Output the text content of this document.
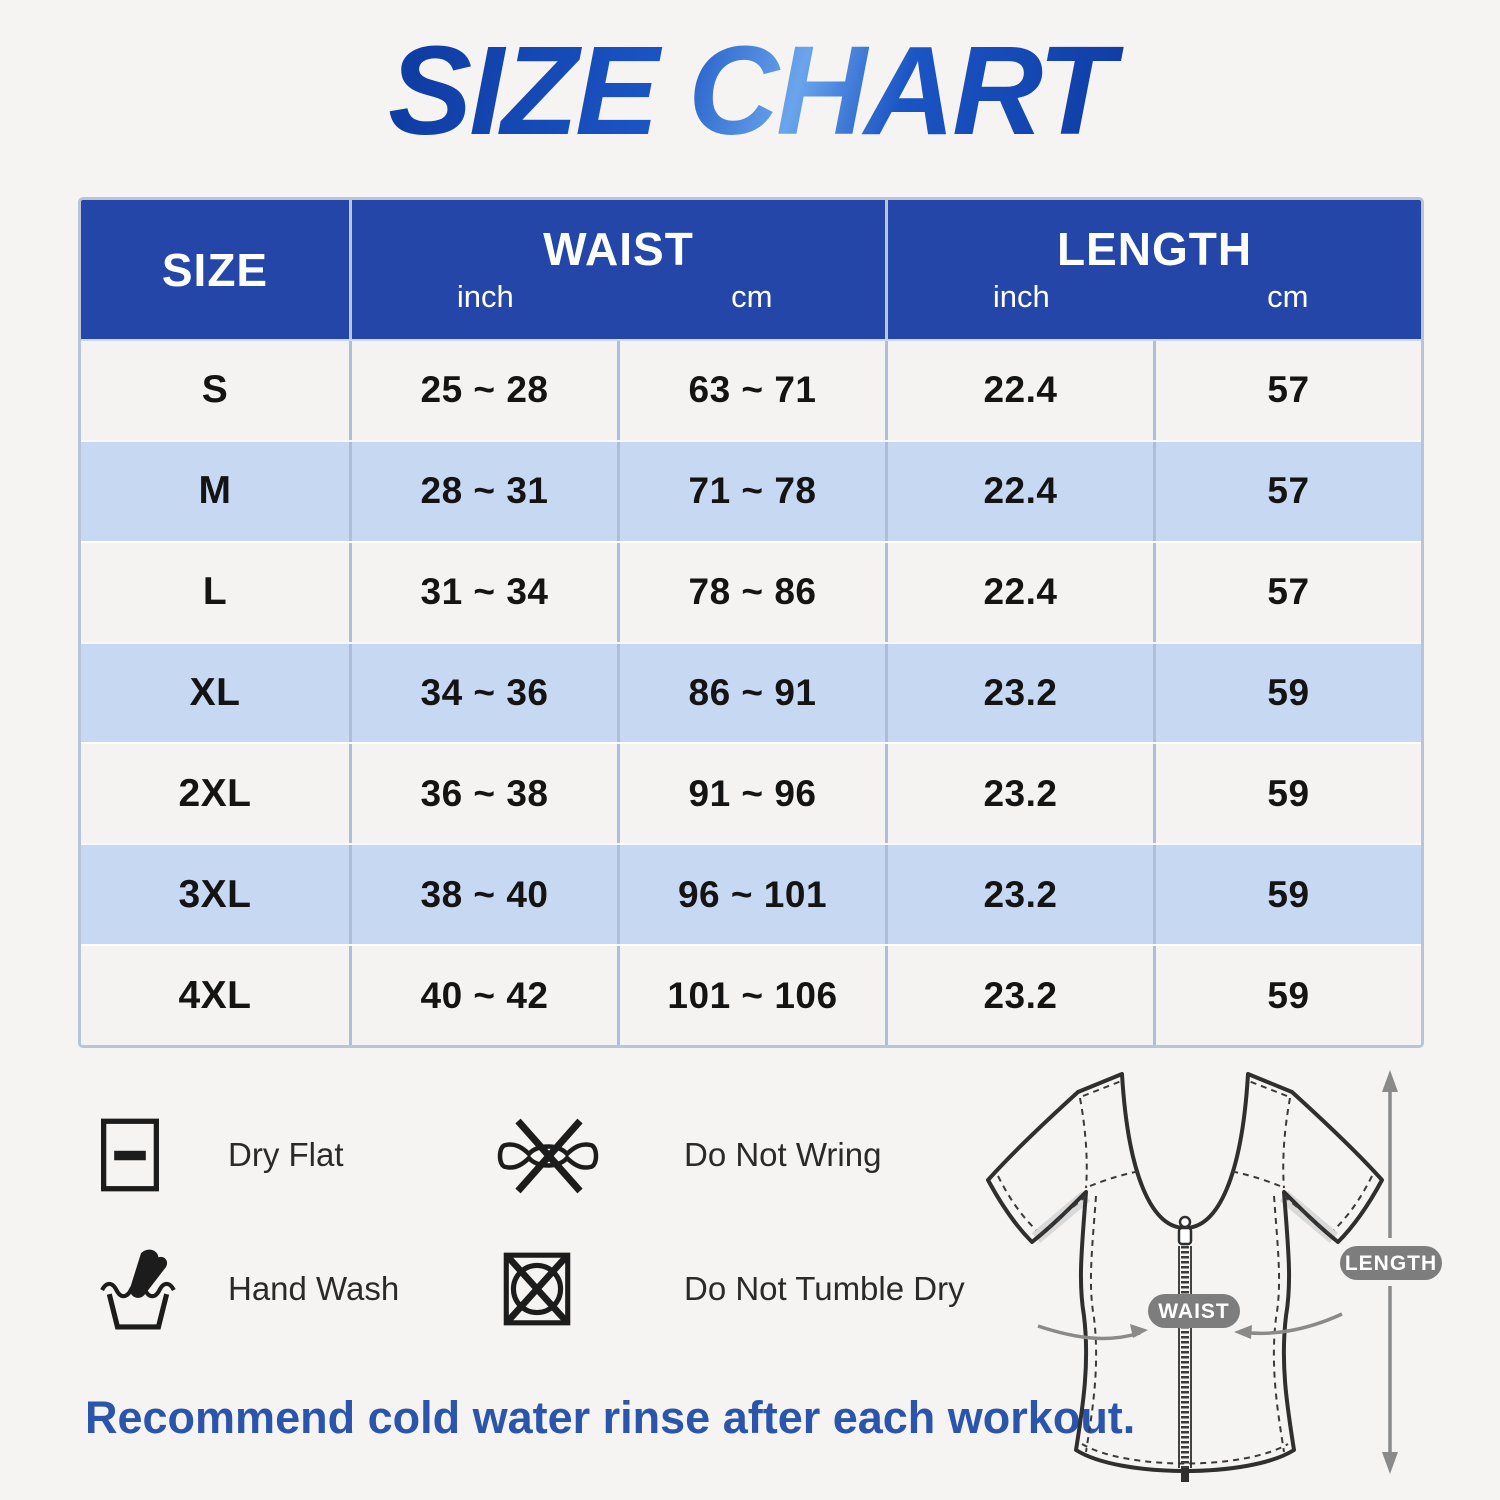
SIZE CHART
SIZE	WAIST
inch	cm
LENGTH
inch	cm
S	25 ~ 28	63 ~ 71	22.4	57
M	28 ~ 31	71 ~ 78	22.4	57
L	31 ~ 34	78 ~ 86	22.4	57
XL	34 ~ 36	86 ~ 91	23.2	59
2XL	36 ~ 38	91 ~ 96	23.2	59
3XL	38 ~ 40	96 ~ 101	23.2	59
4XL	40 ~ 42	101 ~ 106	23.2	59
Dry Flat	Do Not Wring
Hand Wash	Do Not Tumble Dry
Recommend cold water rinse after each workout.
WAIST
LENGTH
